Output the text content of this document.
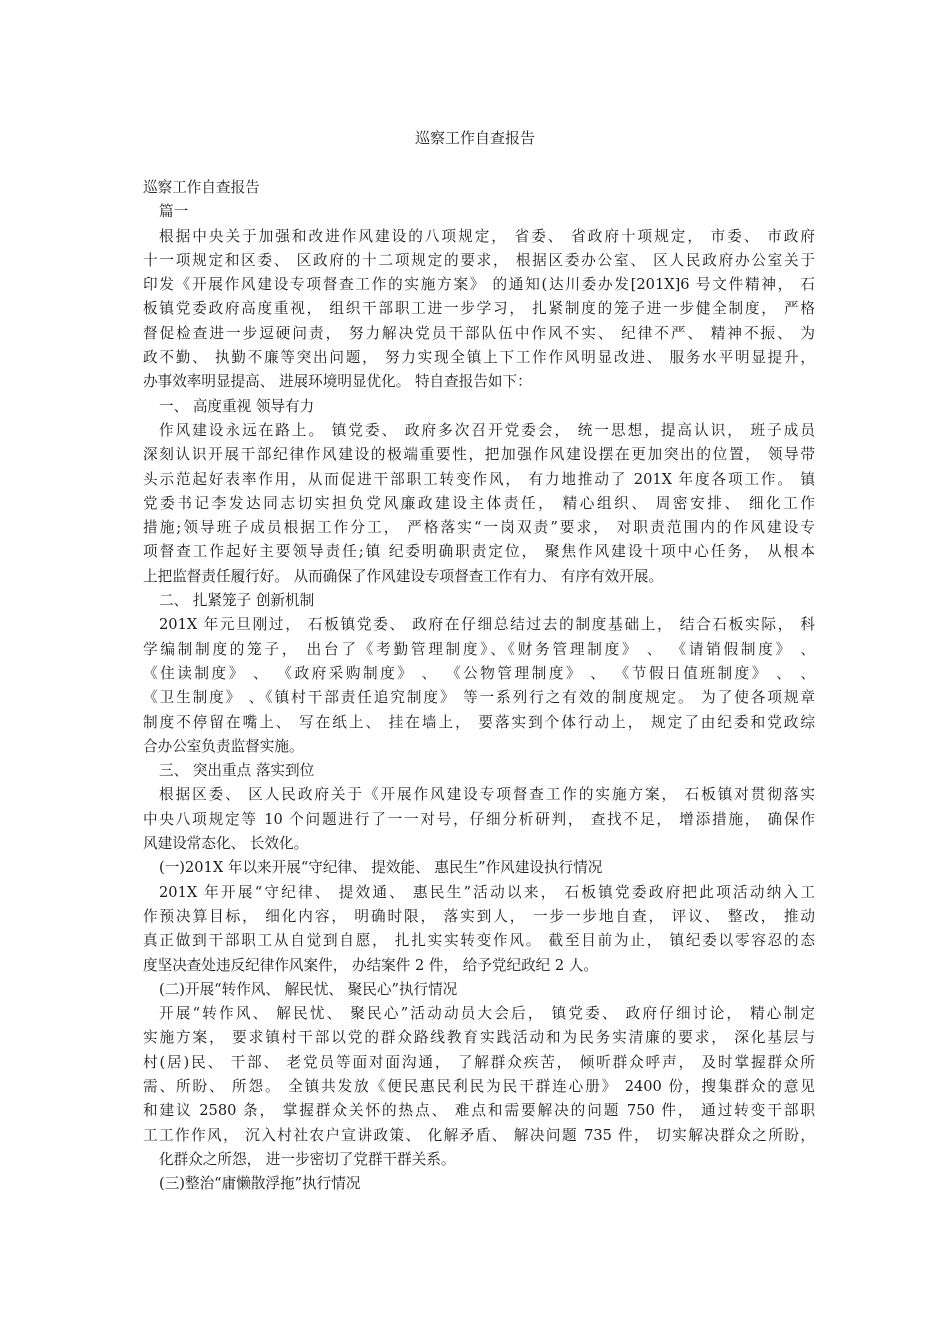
巡察工作自查报告

巡察工作自查报告

篇一

根据中央关于加强和改进作风建设的八项规定， 省委、 省政府十项规定， 市委、 市政府

十一项规定和区委、 区政府的十二项规定的要求， 根据区委办公室、 区人民政府办公室关于

印发《开展作风建设专项督查工作的实施方案》 的通知(达川委办发[201X]6 号文件精神， 石

板镇党委政府高度重视， 组织干部职工进一步学习， 扎紧制度的笼子进一步健全制度， 严格

督促检查进一步逗硬问责， 努力解决党员干部队伍中作风不实、 纪律不严、 精神不振、 为

政不勤、 执勤不廉等突出问题， 努力实现全镇上下工作作风明显改进、 服务水平明显提升，

办事效率明显提高、 进展环境明显优化。 特自查报告如下：

一、 高度重视 领导有力

作风建设永远在路上。 镇党委、 政府多次召开党委会， 统一思想，提高认识， 班子成员

深刻认识开展干部纪律作风建设的极端重要性，把加强作风建设摆在更加突出的位置， 领导带

头示范起好表率作用，从而促进干部职工转变作风， 有力地推动了 201X 年度各项工作。 镇

党委书记李发达同志切实担负党风廉政建设主体责任， 精心组织、 周密安排、 细化工作

措施;领导班子成员根据工作分工， 严格落实“一岗双责”要求， 对职责范围内的作风建设专

项督查工作起好主要领导责任;镇 纪委明确职责定位， 聚焦作风建设十项中心任务， 从根本

上把监督责任履行好。 从而确保了作风建设专项督查工作有力、 有序有效开展。

二、 扎紧笼子 创新机制

201X 年元旦刚过， 石板镇党委、 政府在仔细总结过去的制度基础上， 结合石板实际， 科

学编制制度的笼子， 出台了《考勤管理制度》、《财务管理制度》 、 《请销假制度》 、

《住读制度》 、 《政府采购制度》 、 《公物管理制度》 、 《节假日值班制度》 、 、

《卫生制度》 、《镇村干部责任追究制度》 等一系列行之有效的制度规定。 为了使各项规章

制度不停留在嘴上、 写在纸上、 挂在墙上， 要落实到个体行动上， 规定了由纪委和党政综

合办公室负责监督实施。

三、 突出重点 落实到位

根据区委、 区人民政府关于《开展作风建设专项督查工作的实施方案， 石板镇对贯彻落实

中央八项规定等 10 个问题进行了一一对号，仔细分析研判， 查找不足， 增添措施， 确保作

风建设常态化、 长效化。

(一)201X 年以来开展“守纪律、 提效能、 惠民生”作风建设执行情况

201X 年开展“守纪律、 提效通、 惠民生”活动以来， 石板镇党委政府把此项活动纳入工

作预决算目标， 细化内容， 明确时限， 落实到人， 一步一步地自查， 评议、 整改， 推动

真正做到干部职工从自觉到自愿， 扎扎实实转变作风。 截至目前为止， 镇纪委以零容忍的态

度坚决查处违反纪律作风案件， 办结案件 2 件， 给予党纪政纪 2 人。

(二)开展“转作风、 解民忧、 聚民心”执行情况

开展“转作风、 解民忧、 聚民心”活动动员大会后， 镇党委、 政府仔细讨论， 精心制定

实施方案， 要求镇村干部以党的群众路线教育实践活动和为民务实清廉的要求， 深化基层与

村(居)民、 干部、 老党员等面对面沟通， 了解群众疾苦， 倾听群众呼声， 及时掌握群众所

需、所盼、 所怨。 全镇共发放《便民惠民利民为民干群连心册》 2400 份，搜集群众的意见

和建议 2580 条， 掌握群众关怀的热点、 难点和需要解决的问题 750 件， 通过转变干部职

工工作作风， 沉入村社农户宣讲政策、 化解矛盾、 解决问题 735 件， 切实解决群众之所盼，

化群众之所怨， 进一步密切了党群干群关系。

(三)整治“庸懒散浮拖”执行情况
